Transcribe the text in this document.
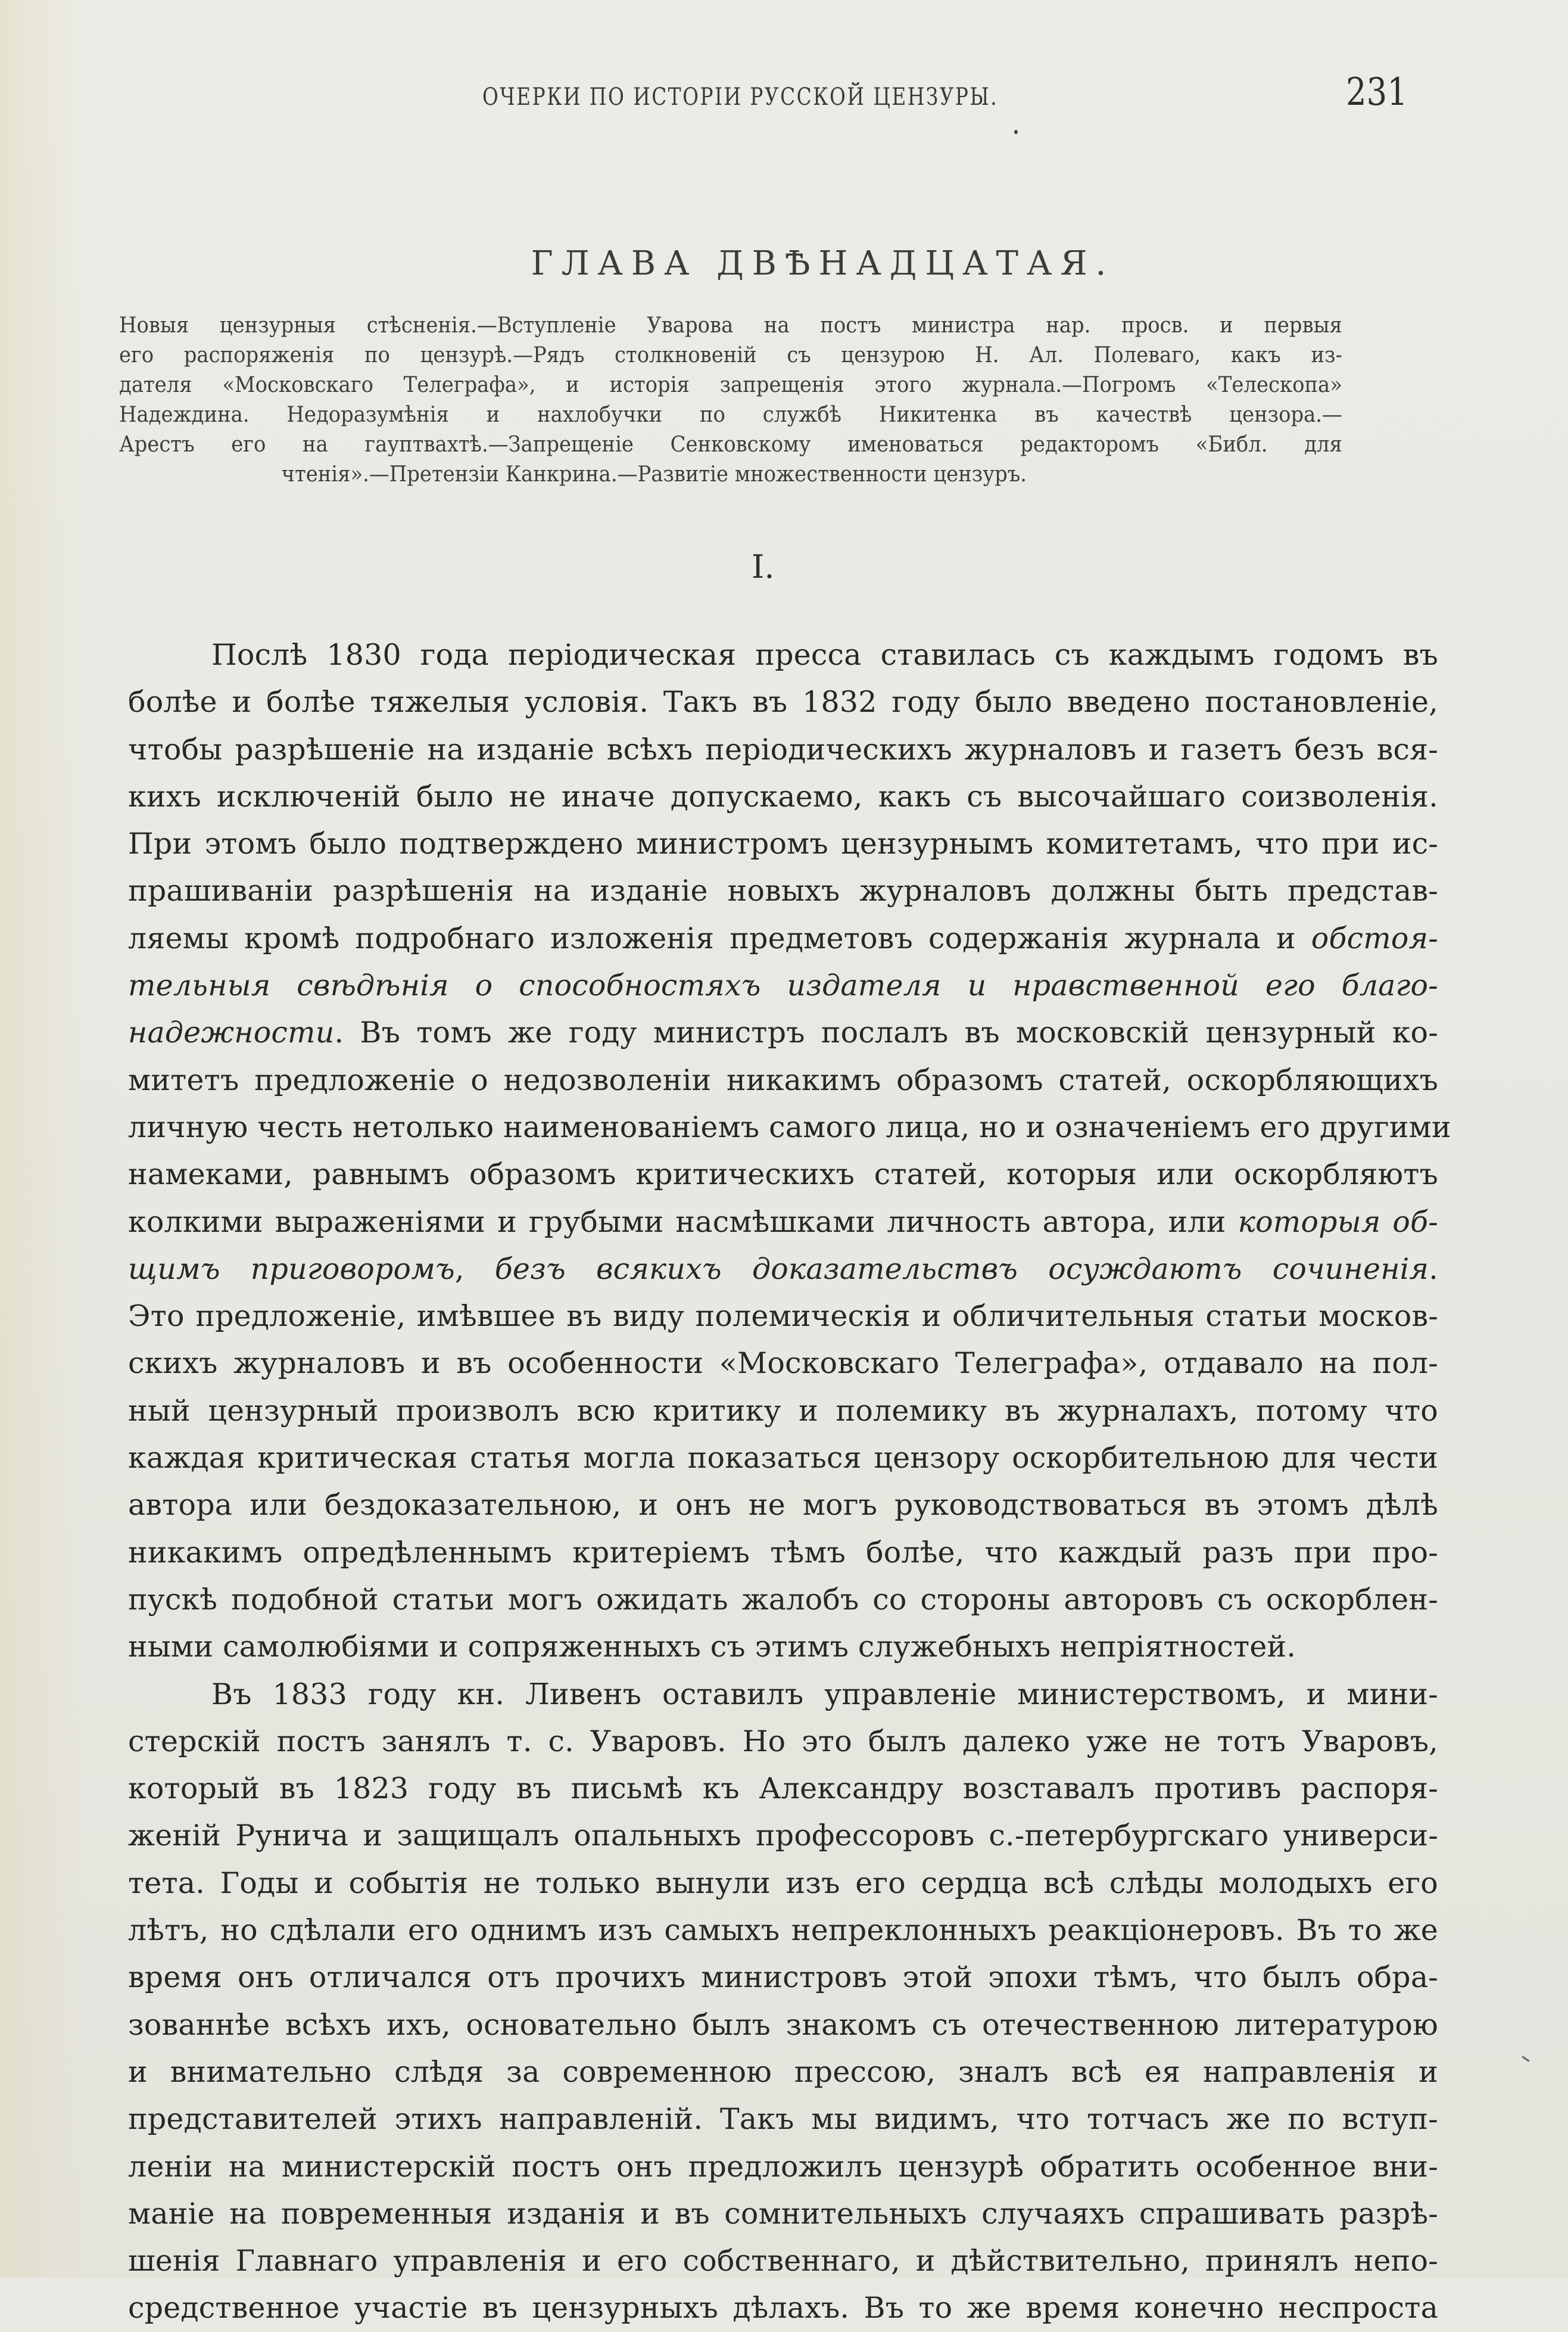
ОЧЕРКИ ПО ИСТОРІИ РУССКОЙ ЦЕНЗУРЫ.	231
ГЛАВА ДВѢНАДЦАТАЯ.
Новыя цензурныя стѣсненія.—Вступленіе Уварова на постъ министра нар. просв. и первыя
его распоряженія по цензурѣ.—Рядъ столкновеній съ цензурою Н. Ал. Полеваго, какъ из-
дателя «Московскаго Телеграфа», и исторія запрещенія этого журнала.—Погромъ «Телескопа»
Надеждина. Недоразумѣнія и нахлобучки по службѣ Никитенка въ качествѣ цензора.—
Арестъ его на гауптвахтѣ.—Запрещеніе Сенковскому именоваться редакторомъ «Библ. для
чтенія».—Претензіи Канкрина.—Развитіе множественности цензуръ.
I.
Послѣ 1830 года періодическая пресса ставилась съ каждымъ годомъ въ
болѣе и болѣе тяжелыя условія. Такъ въ 1832 году было введено постановленіе,
чтобы разрѣшеніе на изданіе всѣхъ періодическихъ журналовъ и газетъ безъ вся-
кихъ исключеній было не иначе допускаемо, какъ съ высочайшаго соизволенія.
При этомъ было подтверждено министромъ цензурнымъ комитетамъ, что при ис-
прашиваніи разрѣшенія на изданіе новыхъ журналовъ должны быть представ-
ляемы кромѣ подробнаго изложенія предметовъ содержанія журнала и обстоя-
тельныя свѣдѣнія о способностяхъ издателя и нравственной его благо-
надежности. Въ томъ же году министръ послалъ въ московскій цензурный ко-
митетъ предложеніе о недозволеніи никакимъ образомъ статей, оскорбляющихъ
личную честь нетолько наименованіемъ самого лица, но и означеніемъ его другими
намеками, равнымъ образомъ критическихъ статей, которыя или оскорбляютъ
колкими выраженіями и грубыми насмѣшками личность автора, или которыя об-
щимъ приговоромъ, безъ всякихъ доказательствъ осуждаютъ сочиненія.
Это предложеніе, имѣвшее въ виду полемическія и обличительныя статьи москов-
скихъ журналовъ и въ особенности «Московскаго Телеграфа», отдавало на пол-
ный цензурный произволъ всю критику и полемику въ журналахъ, потому что
каждая критическая статья могла показаться цензору оскорбительною для чести
автора или бездоказательною, и онъ не могъ руководствоваться въ этомъ дѣлѣ
никакимъ опредѣленнымъ критеріемъ тѣмъ болѣе, что каждый разъ при про-
пускѣ подобной статьи могъ ожидать жалобъ со стороны авторовъ съ оскорблен-
ными самолюбіями и сопряженныхъ съ этимъ служебныхъ непріятностей.
Въ 1833 году кн. Ливенъ оставилъ управленіе министерствомъ, и мини-
стерскій постъ занялъ т. с. Уваровъ. Но это былъ далеко уже не тотъ Уваровъ,
который въ 1823 году въ письмѣ къ Александру возставалъ противъ распоря-
женій Рунича и защищалъ опальныхъ профессоровъ с.-петербургскаго универси-
тета. Годы и событія не только вынули изъ его сердца всѣ слѣды молодыхъ его
лѣтъ, но сдѣлали его однимъ изъ самыхъ непреклонныхъ реакціонеровъ. Въ то же
время онъ отличался отъ прочихъ министровъ этой эпохи тѣмъ, что былъ обра-
зованнѣе всѣхъ ихъ, основательно былъ знакомъ съ отечественною литературою
и внимательно слѣдя за современною прессою, зналъ всѣ ея направленія и
представителей этихъ направленій. Такъ мы видимъ, что тотчасъ же по вступ-
леніи на министерскій постъ онъ предложилъ цензурѣ обратить особенное вни-
маніе на повременныя изданія и въ сомнительныхъ случаяхъ спрашивать разрѣ-
шенія Главнаго управленія и его собственнаго, и дѣйствительно, принялъ непо-
средственное участіе въ цензурныхъ дѣлахъ. Въ то же время конечно неспроста
